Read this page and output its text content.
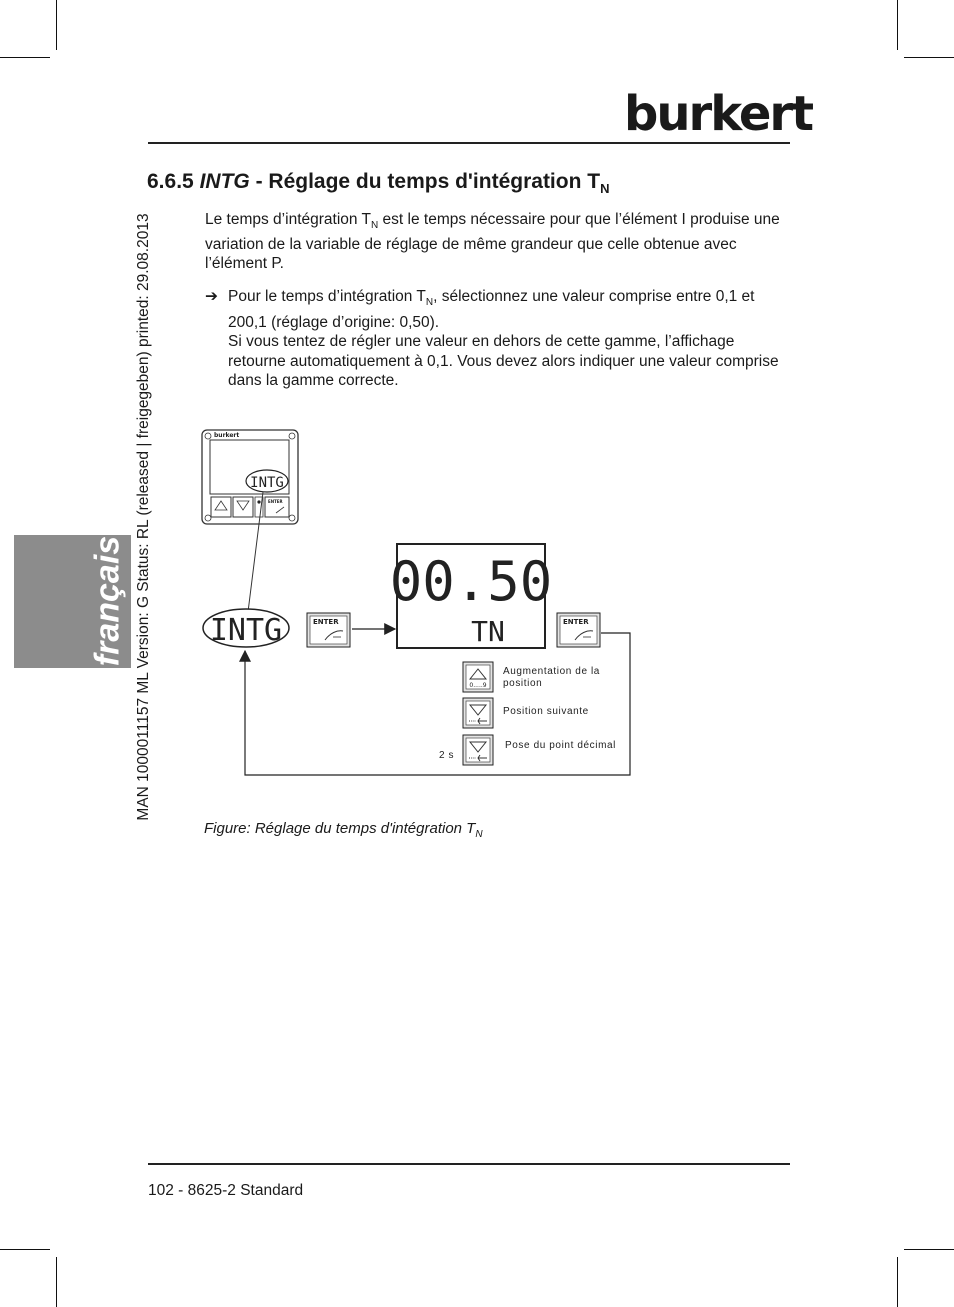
burkert
français MAN 1000011157 ML Version: G Status: RL (released | freigegeben) printed: 29.08.2013
6.6.5 INTG - Réglage du temps d'intégration $T_N$
Le temps d’intégration $T_N$ est le temps nécessaire pour que l’élément I produise une variation de la variable de réglage de même grandeur que celle obtenue avec l’élément P.
➔ Pour le temps d’intégration $T_N$, sélectionnez une valeur comprise entre 0,1 et 200,1 (réglage d’origine: 0,50).
Si vous tentez de régler une valeur en dehors de cette gamme, l’affichage retourne automatiquement à 0,1. Vous devez alors indiquer une valeur comprise dans la gamme correcte.
burkert
INTG
ENTER
INTG	ENTER
00.50
TN	ENTER
0.....9
Augmentation de la
position
Position suivante
Pose du point décimal
2 s
Figure: Réglage du temps d'intégration $T_N$
102 - 8625-2 Standard
